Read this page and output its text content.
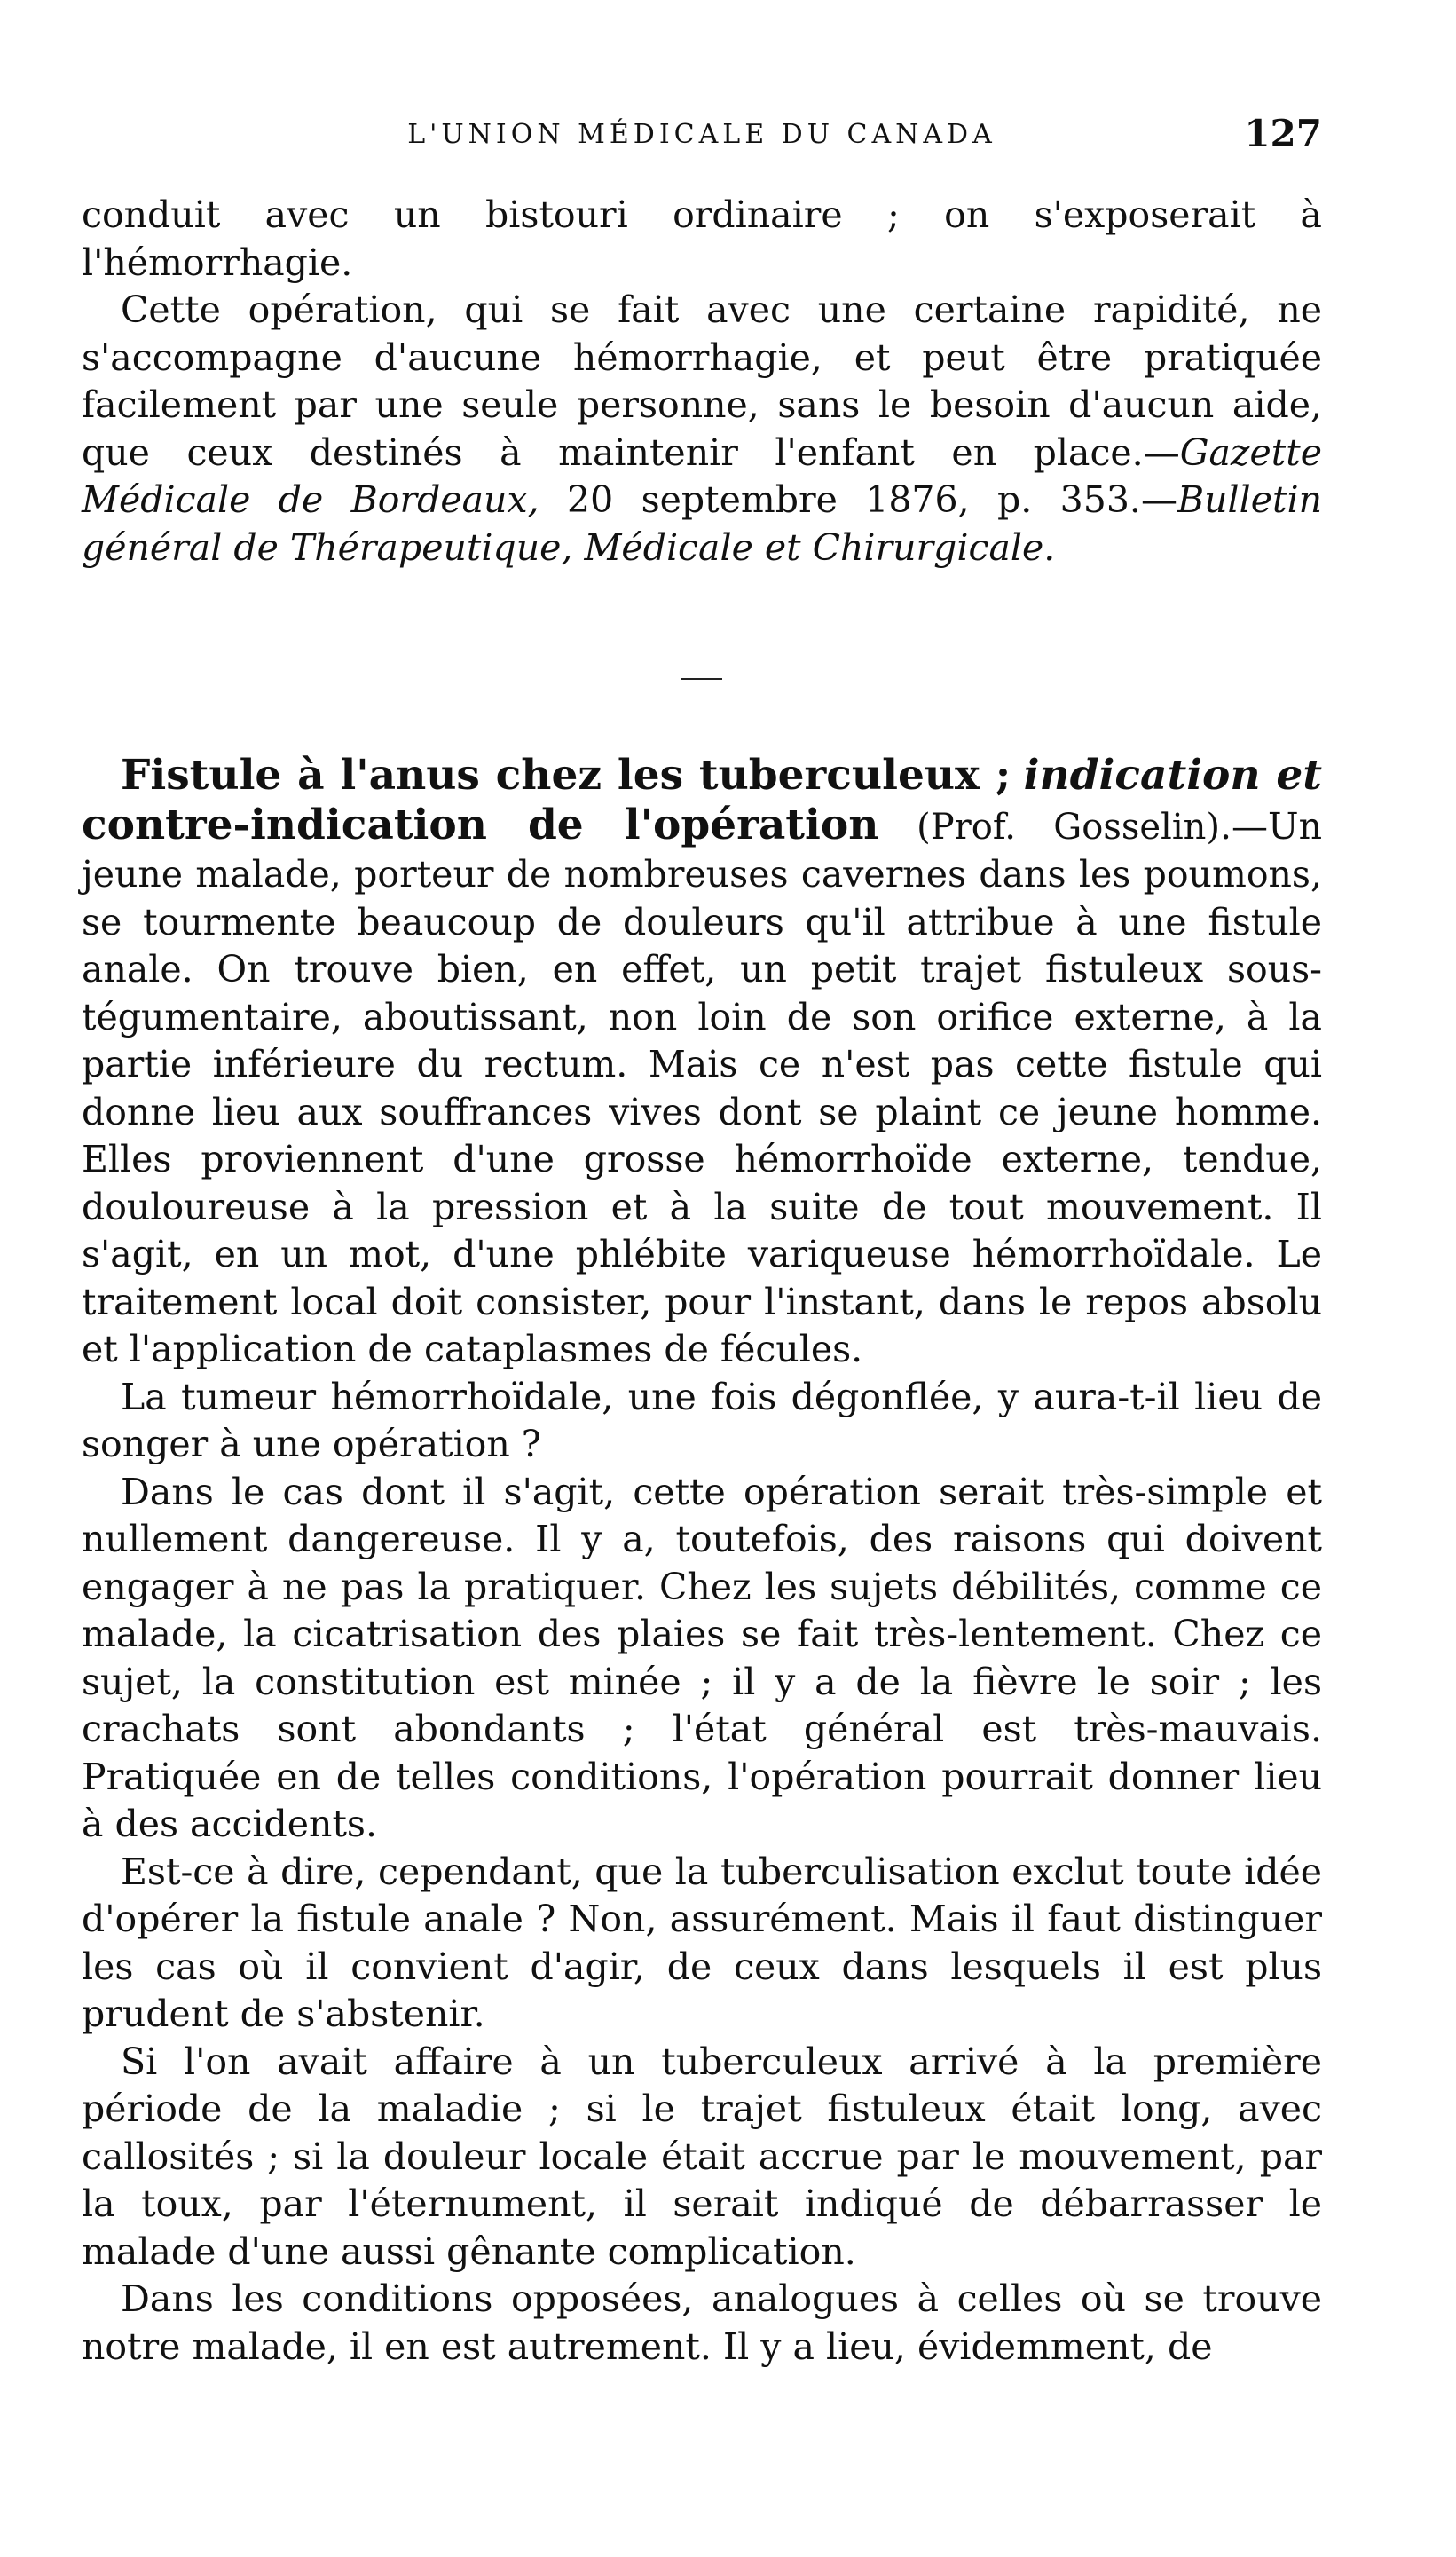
L'UNION MÉDICALE DU CANADA	127

conduit avec un bistouri ordinaire ; on s'exposerait à l'hémorrhagie.

Cette opération, qui se fait avec une certaine rapidité, ne s'accompagne d'aucune hémorrhagie, et peut être pratiquée facilement par une seule personne, sans le besoin d'aucun aide, que ceux destinés à maintenir l'enfant en place.—Gazette Médicale de Bordeaux, 20 septembre 1876, p. 353.—Bulletin général de Thérapeutique, Médicale et Chirurgicale.

Fistule à l'anus chez les tuberculeux ; indication et contre-indication de l'opération (Prof. Gosselin).—Un jeune malade, porteur de nombreuses cavernes dans les poumons, se tourmente beaucoup de douleurs qu'il attribue à une fistule anale. On trouve bien, en effet, un petit trajet fistuleux sous-tégumentaire, aboutissant, non loin de son orifice externe, à la partie inférieure du rectum. Mais ce n'est pas cette fistule qui donne lieu aux souffrances vives dont se plaint ce jeune homme. Elles proviennent d'une grosse hémorrhoïde externe, tendue, douloureuse à la pression et à la suite de tout mouvement. Il s'agit, en un mot, d'une phlébite variqueuse hémorrhoïdale. Le traitement local doit consister, pour l'instant, dans le repos absolu et l'application de cataplasmes de fécules.

La tumeur hémorrhoïdale, une fois dégonflée, y aura-t-il lieu de songer à une opération ?

Dans le cas dont il s'agit, cette opération serait très-simple et nullement dangereuse. Il y a, toutefois, des raisons qui doivent engager à ne pas la pratiquer. Chez les sujets débilités, comme ce malade, la cicatrisation des plaies se fait très-lentement. Chez ce sujet, la constitution est minée ; il y a de la fièvre le soir ; les crachats sont abondants ; l'état général est très-mauvais. Pratiquée en de telles conditions, l'opération pourrait donner lieu à des accidents.

Est-ce à dire, cependant, que la tuberculisation exclut toute idée d'opérer la fistule anale ? Non, assurément. Mais il faut distinguer les cas où il convient d'agir, de ceux dans lesquels il est plus prudent de s'abstenir.

Si l'on avait affaire à un tuberculeux arrivé à la première période de la maladie ; si le trajet fistuleux était long, avec callosités ; si la douleur locale était accrue par le mouvement, par la toux, par l'éternument, il serait indiqué de débarrasser le malade d'une aussi gênante complication.

Dans les conditions opposées, analogues à celles où se trouve notre malade, il en est autrement. Il y a lieu, évidemment, de
